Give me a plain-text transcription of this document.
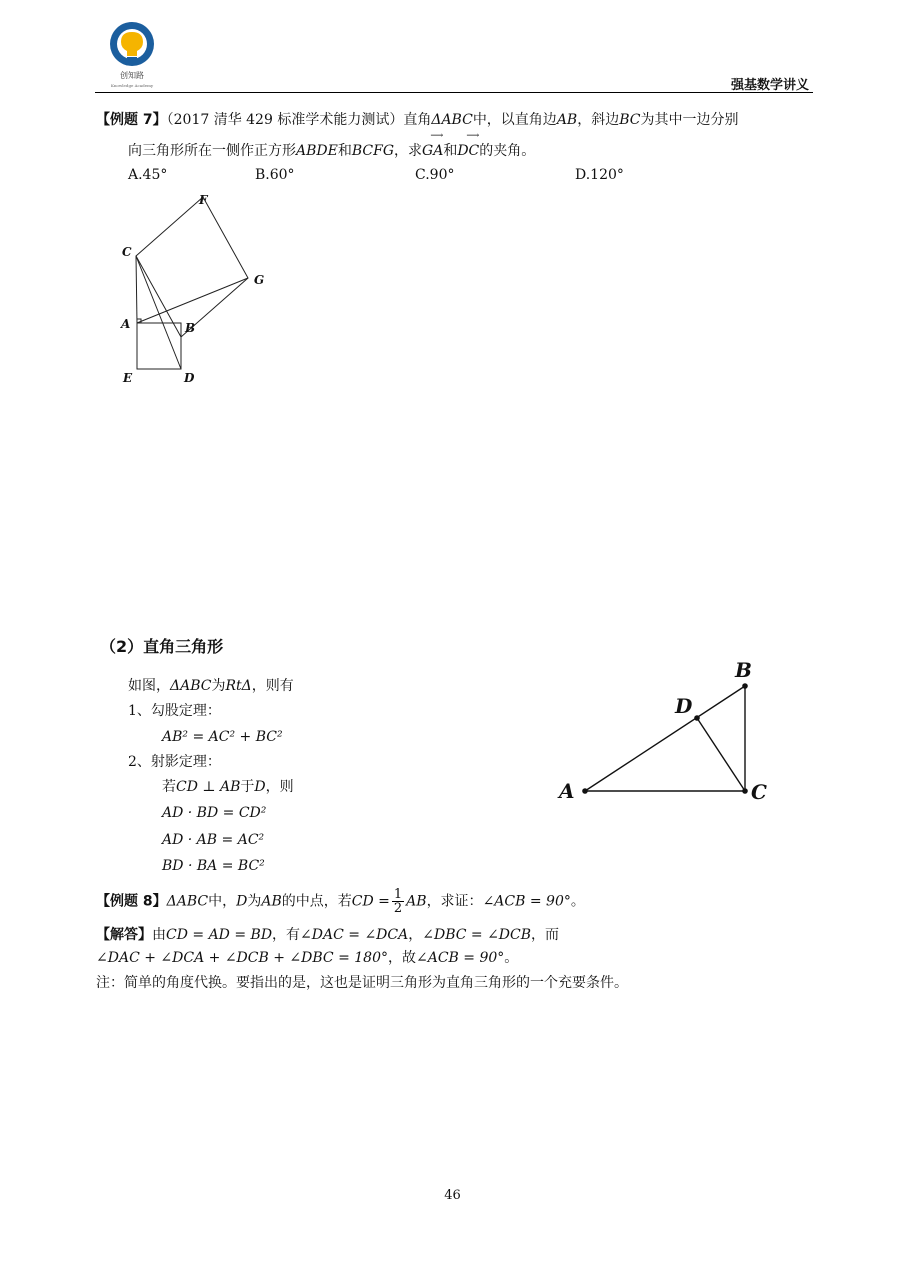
创知路
Knowledge Academy	强基数学讲义
【例题 7】（2017 清华 429 标准学术能力测试）直角ΔABC中，以直角边AB，斜边BC为其中一边分别
向三角形所在一侧作正方形ABDE和BCFG，求
⟶
GA和
⟶
DC的夹角。
A.45°	B.60°	C.90°	D.120°
F
C
G
A	B
E	D
（2）直角三角形
如图，ΔABC为RtΔ，则有
1、勾股定理：
AB² = AC² + BC²
2、射影定理：
若CD ⊥ AB于D，则
AD · BD = CD²
AD · AB = AC²
BD · BA = BC²
A	C
B
D
【例题 8】ΔABC中，D为AB的中点，若CD = $\frac{1}{2}$ AB，求证：∠ACB = 90°。
【解答】由CD = AD = BD，有∠DAC = ∠DCA，∠DBC = ∠DCB，而
∠DAC + ∠DCA + ∠DCB + ∠DBC = 180°，故∠ACB = 90°。
注：简单的角度代换。要指出的是，这也是证明三角形为直角三角形的一个充要条件。
46
